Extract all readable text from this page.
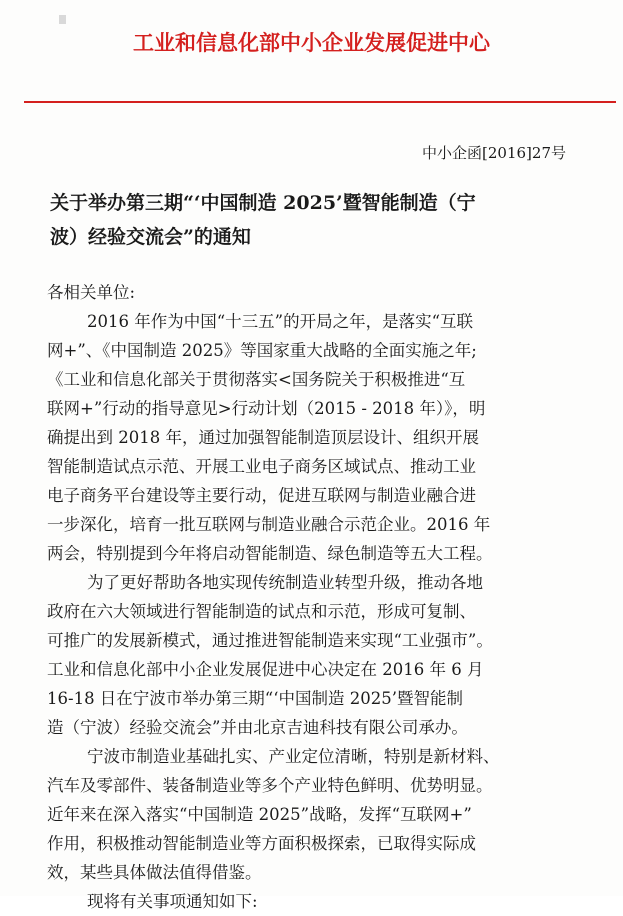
工业和信息化部中小企业发展促进中心
中小企函[2016]27号
关于举办第三期“‘中国制造 2025’暨智能制造（宁
波）经验交流会”的通知
各相关单位:
2016 年作为中国“十三五”的开局之年，是落实“互联
网+”、《中国制造 2025》等国家重大战略的全面实施之年;
《工业和信息化部关于贯彻落实<国务院关于积极推进“互
联网+”行动的指导意见>行动计划（2015 - 2018 年）》，明
确提出到 2018 年，通过加强智能制造顶层设计、组织开展
智能制造试点示范、开展工业电子商务区域试点、推动工业
电子商务平台建设等主要行动，促进互联网与制造业融合进
一步深化，培育一批互联网与制造业融合示范企业。2016 年
两会，特别提到今年将启动智能制造、绿色制造等五大工程。
为了更好帮助各地实现传统制造业转型升级，推动各地
政府在六大领域进行智能制造的试点和示范，形成可复制、
可推广的发展新模式，通过推进智能制造来实现“工业强市”。
工业和信息化部中小企业发展促进中心决定在 2016 年 6 月
16-18 日在宁波市举办第三期“‘中国制造 2025’暨智能制
造（宁波）经验交流会”并由北京吉迪科技有限公司承办。
宁波市制造业基础扎实、产业定位清晰，特别是新材料、
汽车及零部件、装备制造业等多个产业特色鲜明、优势明显。
近年来在深入落实“中国制造 2025”战略，发挥“互联网+”
作用，积极推动智能制造业等方面积极探索，已取得实际成
效，某些具体做法值得借鉴。
现将有关事项通知如下:
